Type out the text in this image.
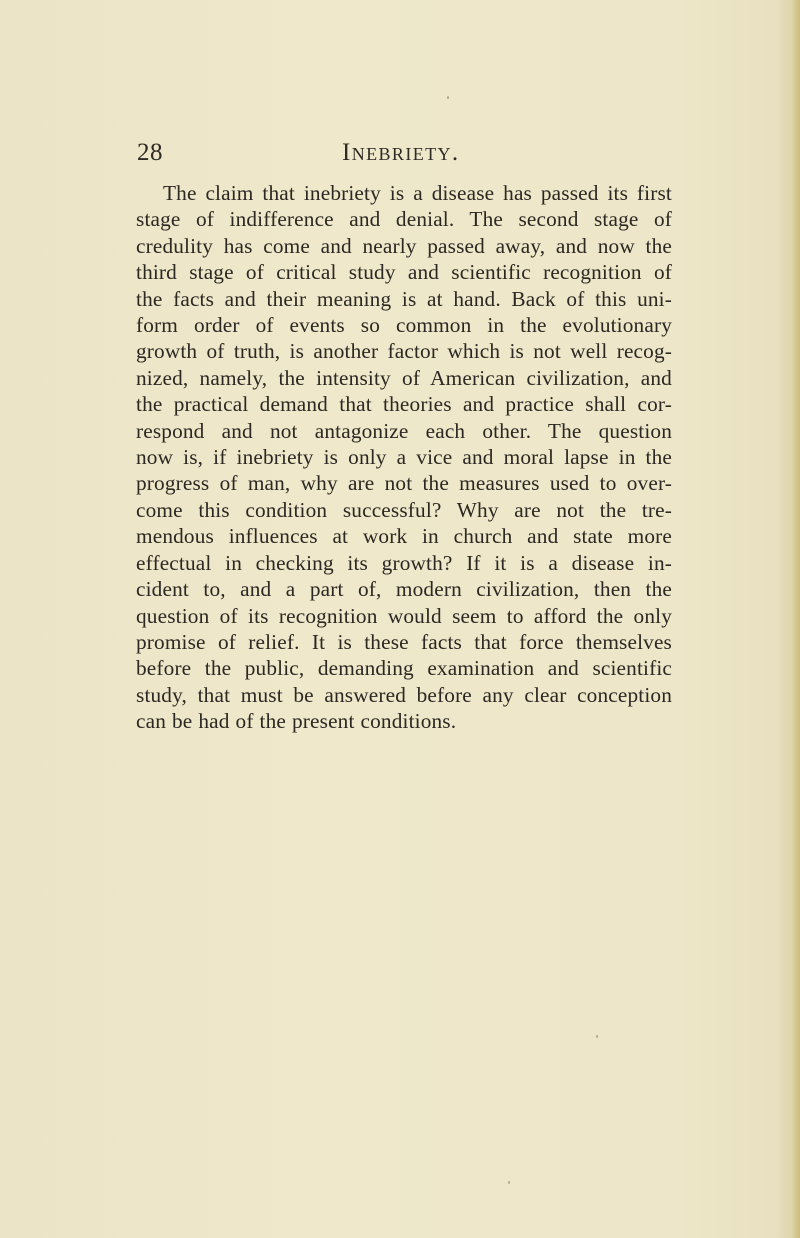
28	Inebriety.
The claim that inebriety is a disease has passed its first
stage of indifference and denial. The second stage of
credulity has come and nearly passed away, and now the
third stage of critical study and scientific recognition of
the facts and their meaning is at hand. Back of this uni-
form order of events so common in the evolutionary
growth of truth, is another factor which is not well recog-
nized, namely, the intensity of American civilization, and
the practical demand that theories and practice shall cor-
respond and not antagonize each other. The question
now is, if inebriety is only a vice and moral lapse in the
progress of man, why are not the measures used to over-
come this condition successful? Why are not the tre-
mendous influences at work in church and state more
effectual in checking its growth? If it is a disease in-
cident to, and a part of, modern civilization, then the
question of its recognition would seem to afford the only
promise of relief. It is these facts that force themselves
before the public, demanding examination and scientific
study, that must be answered before any clear conception
can be had of the present conditions.
